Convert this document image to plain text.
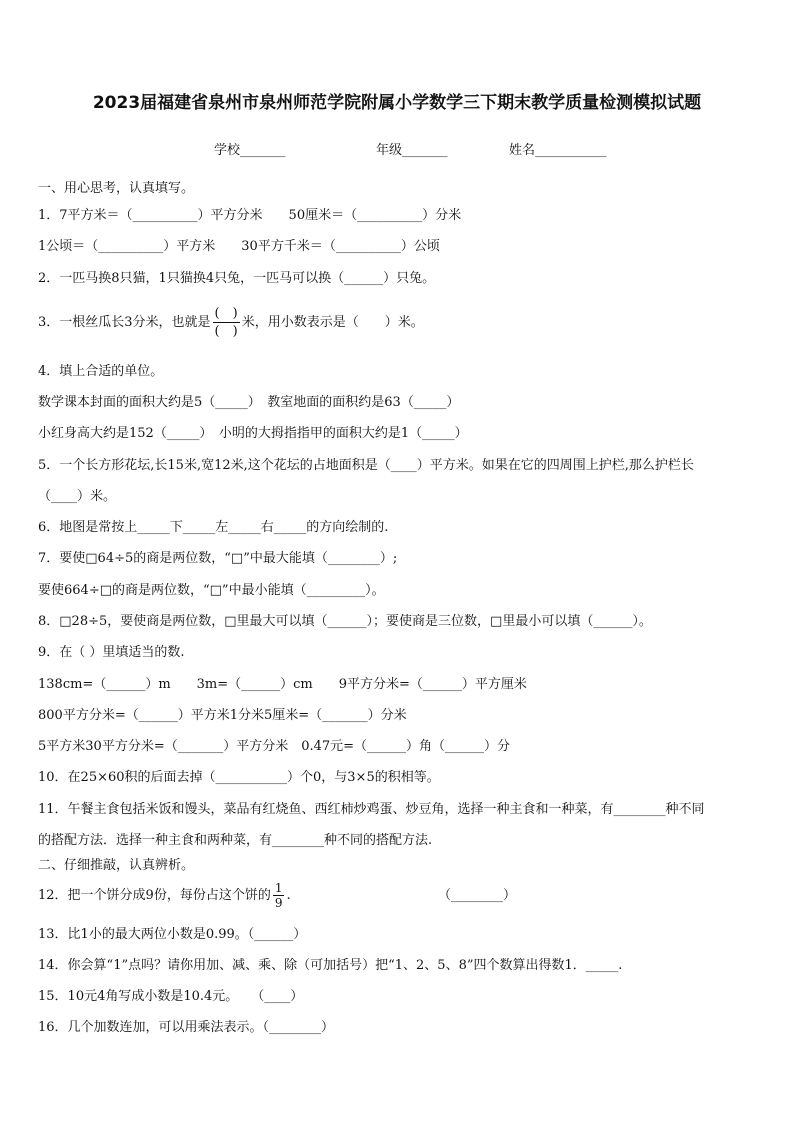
2023届福建省泉州市泉州师范学院附属小学数学三下期末教学质量检测模拟试题
学校_______	年级_______	姓名___________
一、用心思考，认真填写。
1．7平方米＝（__________）平方分米　　50厘米＝（__________）分米
1公顷＝（__________）平方米　　30平方千米＝（__________）公顷
2．一匹马换8只猫，1只猫换4只兔，一匹马可以换（______）只兔。
3．一根丝瓜长3分米，也就是 $\frac{( )}{( )}$ 米，用小数表示是（　　）米。
4．填上合适的单位。
数学课本封面的面积大约是5（_____）　教室地面的面积约是63（_____）
小红身高大约是152（_____）　小明的大拇指指甲的面积大约是1（_____）
5．一个长方形花坛,长15米,宽12米,这个花坛的占地面积是（____）平方米。如果在它的四周围上护栏,那么护栏长
（____）米。
6．地图是常按上_____下_____左_____右_____的方向绘制的.
7．要使□64÷5的商是两位数，“□”中最大能填（________）;
要使664÷□的商是两位数，“□”中最小能填（_________）。
8．□28÷5，要使商是两位数，□里最大可以填（______）；要使商是三位数，□里最小可以填（______）。
9．在（ ）里填适当的数.
138cm=（______）m　　3m=（______）cm　　9平方分米=（______）平方厘米
800平方分米=（______）平方米1分米5厘米=（_______）分米
5平方米30平方分米=（_______）平方分米　0.47元=（______）角（______）分
10．在25×60积的后面去掉（___________）个0，与3×5的积相等。
11．午餐主食包括米饭和馒头，菜品有红烧鱼、西红柿炒鸡蛋、炒豆角，选择一种主食和一种菜，有________种不同
的搭配方法．选择一种主食和两种菜，有________种不同的搭配方法.
二、仔细推敲，认真辨析。
12．把一个饼分成9份，每份占这个饼的 $\frac{1}{9}$ .	（________）
13．比1小的最大两位小数是0.99。（______）
14．你会算“1”点吗？请你用加、减、乘、除（可加括号）把“1、2、5、8”四个数算出得数1．_____.
15．10元4角写成小数是10.4元。　　（____）
16．几个加数连加，可以用乘法表示。（________）
